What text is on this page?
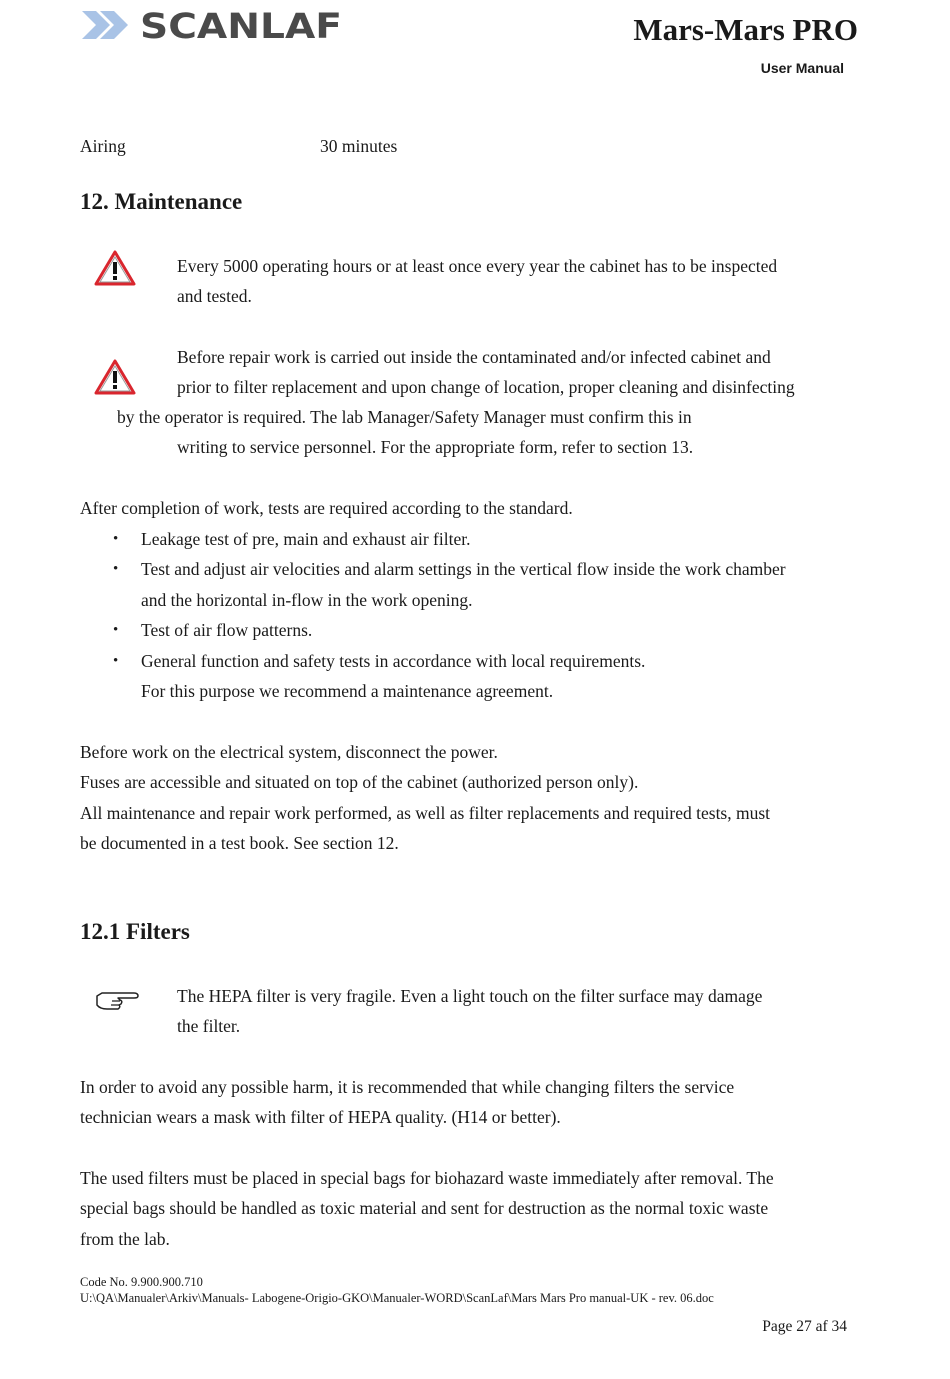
SCANLAF	Mars-Mars PRO
User Manual
Airing	30 minutes
12. Maintenance
Every 5000 operating hours or at least once every year the cabinet has to be inspected
and tested.
Before repair work is carried out inside the contaminated and/or infected cabinet and
prior to filter replacement and upon change of location, proper cleaning and disinfecting
by the operator is required. The lab Manager/Safety Manager must confirm this in
writing to service personnel. For the appropriate form, refer to section 13.
After completion of work, tests are required according to the standard.
• Leakage test of pre, main and exhaust air filter.
• Test and adjust air velocities and alarm settings in the vertical flow inside the work chamber
and the horizontal in-flow in the work opening.
• Test of air flow patterns.
• General function and safety tests in accordance with local requirements.
For this purpose we recommend a maintenance agreement.
Before work on the electrical system, disconnect the power.
Fuses are accessible and situated on top of the cabinet (authorized person only).
All maintenance and repair work performed, as well as filter replacements and required tests, must
be documented in a test book. See section 12.
12.1 Filters
The HEPA filter is very fragile. Even a light touch on the filter surface may damage
the filter.
In order to avoid any possible harm, it is recommended that while changing filters the service
technician wears a mask with filter of HEPA quality. (H14 or better).
The used filters must be placed in special bags for biohazard waste immediately after removal. The
special bags should be handled as toxic material and sent for destruction as the normal toxic waste
from the lab.
Code No. 9.900.900.710
U:\QA\Manualer\Arkiv\Manuals- Labogene-Origio-GKO\Manualer-WORD\ScanLaf\Mars Mars Pro manual-UK - rev. 06.doc
Page 27 af 34
